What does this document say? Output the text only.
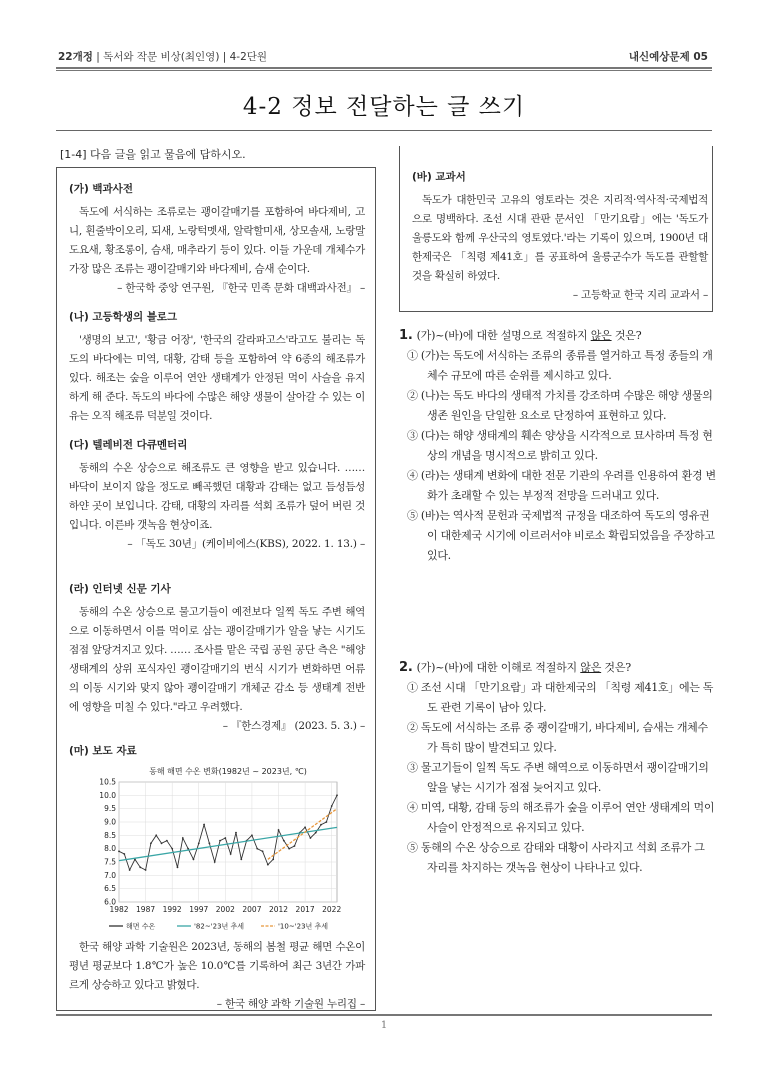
22개정 | 독서와 작문 비상(최인영) | 4-2단원	내신예상문제 05
4-2 정보 전달하는 글 쓰기
[1-4] 다음 글을 읽고 물음에 답하시오.
(가) 백과사전

독도에 서식하는 조류로는 괭이갈매기를 포함하여 바다제비, 고니, 흰줄박이오리, 되새, 노랑턱멧새, 알락할미새, 상모솔새, 노랑말 도요새, 황조롱이, 슴새, 매추라기 등이 있다. 이들 가운데 개체수가 가장 많은 조류는 괭이갈매기와 바다제비, 슴새 순이다.

– 한국학 중앙 연구원, 『한국 민족 문화 대백과사전』 –
(나) 고등학생의 블로그

'생명의 보고', '황금 어장', '한국의 갈라파고스'라고도 불리는 독도의 바다에는 미역, 대황, 감태 등을 포함하여 약 6종의 해조류가 있다. 해조는 숲을 이루어 연안 생태계가 안정된 먹이 사슬을 유지하게 해 준다. 독도의 바다에 수많은 해양 생물이 살아갈 수 있는 이유는 오직 해조류 덕분일 것이다.

(다) 텔레비전 다큐멘터리

동해의 수온 상승으로 해조류도 큰 영향을 받고 있습니다. …… 바닥이 보이지 않을 정도로 빼곡했던 대황과 감태는 없고 듬성듬성 하얀 곳이 보입니다. 감태, 대황의 자리를 석회 조류가 덮어 버린 것입니다. 이른바 갯녹음 현상이죠.

– 「독도 30년」(케이비에스(KBS), 2022. 1. 13.) –
(라) 인터넷 신문 기사

동해의 수온 상승으로 물고기들이 예전보다 일찍 독도 주변 해역으로 이동하면서 이를 먹이로 삼는 괭이갈매기가 알을 낳는 시기도 점점 앞당겨지고 있다. …… 조사를 맡은 국립 공원 공단 측은 "해양 생태계의 상위 포식자인 괭이갈매기의 번식 시기가 변화하면 어류의 이동 시기와 맞지 않아 괭이갈매기 개체군 감소 등 생태계 전반에 영향을 미칠 수 있다."라고 우려했다.

– 『한스경제』 (2023. 5. 3.) –
(마) 보도 자료
동해 해면 수온 변화(1982년 ~ 2023년, ℃)
10.5
10.0
9.5
9.0
8.5
8.0
7.5
7.0
6.5
6.0
1982 1987 1992 1997 2002 2007 2012 2017 2022
해면 수온	'82~'23년 추세	'10~'23년 추세

한국 해양 과학 기술원은 2023년, 동해의 봄철 평균 해면 수온이 평년 평균보다 1.8℃가 높은 10.0℃를 기록하여 최근 3년간 가파르게 상승하고 있다고 밝혔다.

– 한국 해양 과학 기술원 누리집 –
(바) 교과서

독도가 대한민국 고유의 영토라는 것은 지리적·역사적·국제법적으로 명백하다. 조선 시대 관판 문서인 「만기요람」에는 '독도가 울릉도와 함께 우산국의 영토였다.'라는 기록이 있으며, 1900년 대한제국은 「칙령 제41호」를 공표하여 울릉군수가 독도를 관할할 것을 확실히 하였다.

– 고등학교 한국 지리 교과서 –
1. (가)~(바)에 대한 설명으로 적절하지 않은 것은?
① (가)는 독도에 서식하는 조류의 종류를 열거하고 특정 종들의 개체수 규모에 따른 순위를 제시하고 있다.
② (나)는 독도 바다의 생태적 가치를 강조하며 수많은 해양 생물의 생존 원인을 단일한 요소로 단정하여 표현하고 있다.
③ (다)는 해양 생태계의 훼손 양상을 시각적으로 묘사하며 특정 현상의 개념을 명시적으로 밝히고 있다.
④ (라)는 생태계 변화에 대한 전문 기관의 우려를 인용하여 환경 변화가 초래할 수 있는 부정적 전망을 드러내고 있다.
⑤ (바)는 역사적 문헌과 국제법적 규정을 대조하여 독도의 영유권이 대한제국 시기에 이르러서야 비로소 확립되었음을 주장하고 있다.
2. (가)~(바)에 대한 이해로 적절하지 않은 것은?
① 조선 시대 「만기요람」과 대한제국의 「칙령 제41호」에는 독도 관련 기록이 남아 있다.
② 독도에 서식하는 조류 중 괭이갈매기, 바다제비, 슴새는 개체수가 특히 많이 발견되고 있다.
③ 물고기들이 일찍 독도 주변 해역으로 이동하면서 괭이갈매기의 알을 낳는 시기가 점점 늦어지고 있다.
④ 미역, 대황, 감태 등의 해조류가 숲을 이루어 연안 생태계의 먹이 사슬이 안정적으로 유지되고 있다.
⑤ 동해의 수온 상승으로 감태와 대황이 사라지고 석회 조류가 그 자리를 차지하는 갯녹음 현상이 나타나고 있다.
1
